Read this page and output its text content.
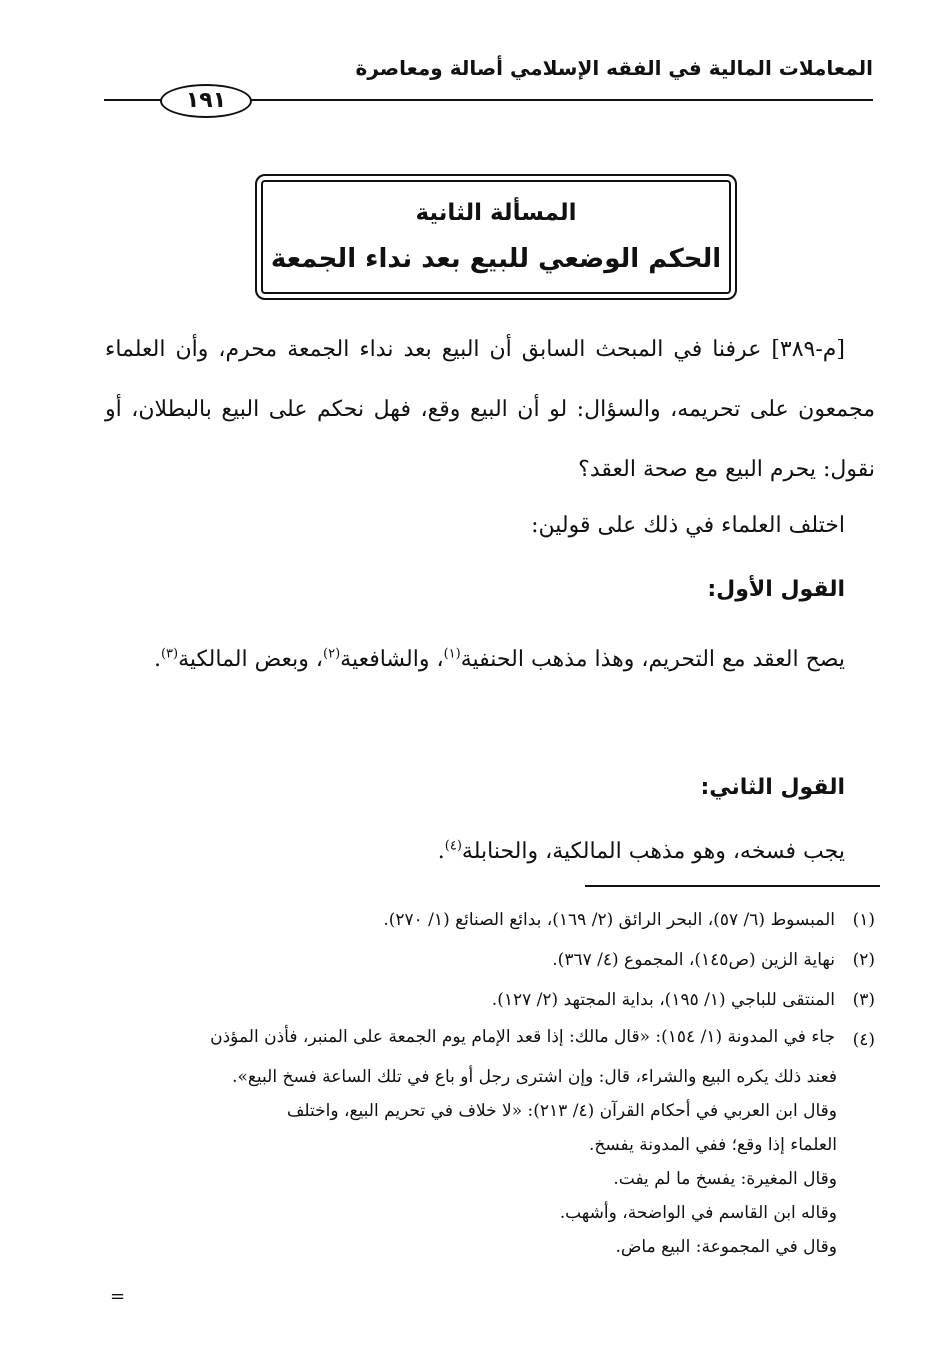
المعاملات المالية في الفقه الإسلامي أصالة ومعاصرة
١٩١
المسألة الثانية
الحكم الوضعي للبيع بعد نداء الجمعة
[م-٣٨٩] عرفنا في المبحث السابق أن البيع بعد نداء الجمعة محرم، وأن العلماء مجمعون على تحريمه، والسؤال: لو أن البيع وقع، فهل نحكم على البيع بالبطلان، أو نقول: يحرم البيع مع صحة العقد؟
اختلف العلماء في ذلك على قولين:
القول الأول:
يصح العقد مع التحريم، وهذا مذهب الحنفية$^{(١)}$، والشافعية$^{(٢)}$، وبعض المالكية$^{(٣)}$.
القول الثاني:
يجب فسخه، وهو مذهب المالكية، والحنابلة$^{(٤)}$.
(١)
المبسوط (٦/ ٥٧)، البحر الرائق (٢/ ١٦٩)، بدائع الصنائع (١/ ٢٧٠).
(٢)
نهاية الزين (ص١٤٥)، المجموع (٤/ ٣٦٧).
(٣)
المنتقى للباجي (١/ ١٩٥)، بداية المجتهد (٢/ ١٢٧).
(٤)
جاء في المدونة (١/ ١٥٤): «قال مالك: إذا قعد الإمام يوم الجمعة على المنبر، فأذن المؤذن
فعند ذلك يكره البيع والشراء، قال: وإن اشترى رجل أو باع في تلك الساعة فسخ البيع».
وقال ابن العربي في أحكام القرآن (٤/ ٢١٣): «لا خلاف في تحريم البيع، واختلف
العلماء إذا وقع؛ ففي المدونة يفسخ.
وقال المغيرة: يفسخ ما لم يفت.
وقاله ابن القاسم في الواضحة، وأشهب.
وقال في المجموعة: البيع ماض.
=
